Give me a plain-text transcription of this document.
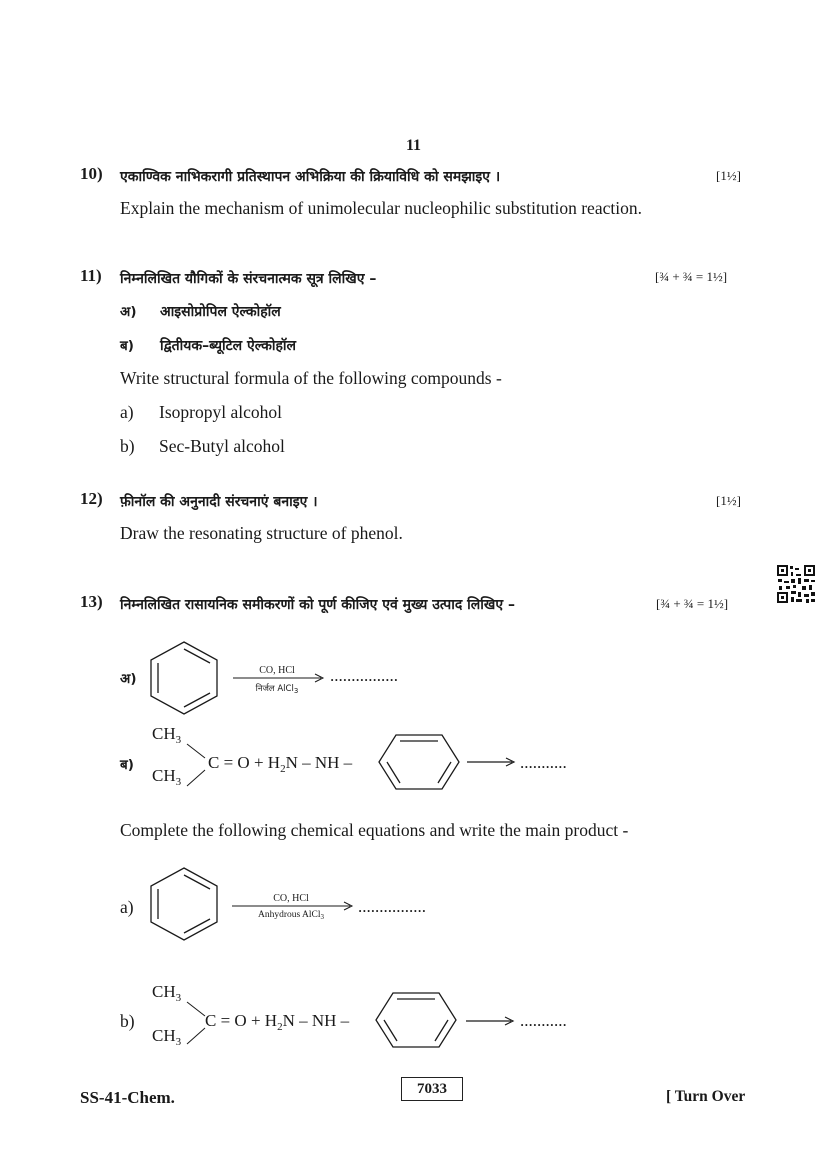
11
10) एकाण्विक नाभिकरागी प्रतिस्थापन अभिक्रिया की क्रियाविधि को समझाइए ।	[1½]
Explain the mechanism of unimolecular nucleophilic substitution reaction.
11) निम्नलिखित यौगिकों के संरचनात्मक सूत्र लिखिए –	[¾ + ¾ = 1½]
अ) आइसोप्रोपिल ऐल्कोहॉल
ब) द्वितीयक–ब्यूटिल ऐल्कोहॉल
Write structural formula of the following compounds -
a) Isopropyl alcohol
b) Sec-Butyl alcohol
12) फ़ीनॉल की अनुनादी संरचनाएं बनाइए ।	[1½]
Draw the resonating structure of phenol.
13) निम्नलिखित रासायनिक समीकरणों को पूर्ण कीजिए एवं मुख्य उत्पाद लिखिए –	[¾ + ¾ = 1½]
अ)
CO, HCl
निर्जल AlCl$_3$
................
ब)
$CH_3$
$CH_3$
$C = O + H_2N$ – NH –	...........
Complete the following chemical equations and write the main product -
a)	CO, HCl
Anhydrous AlCl$_3$
................
b)
$CH_3$
$CH_3$
$C = O + H_2N$ – NH –	...........
SS-41-Chem.	7033	[ Turn Over
